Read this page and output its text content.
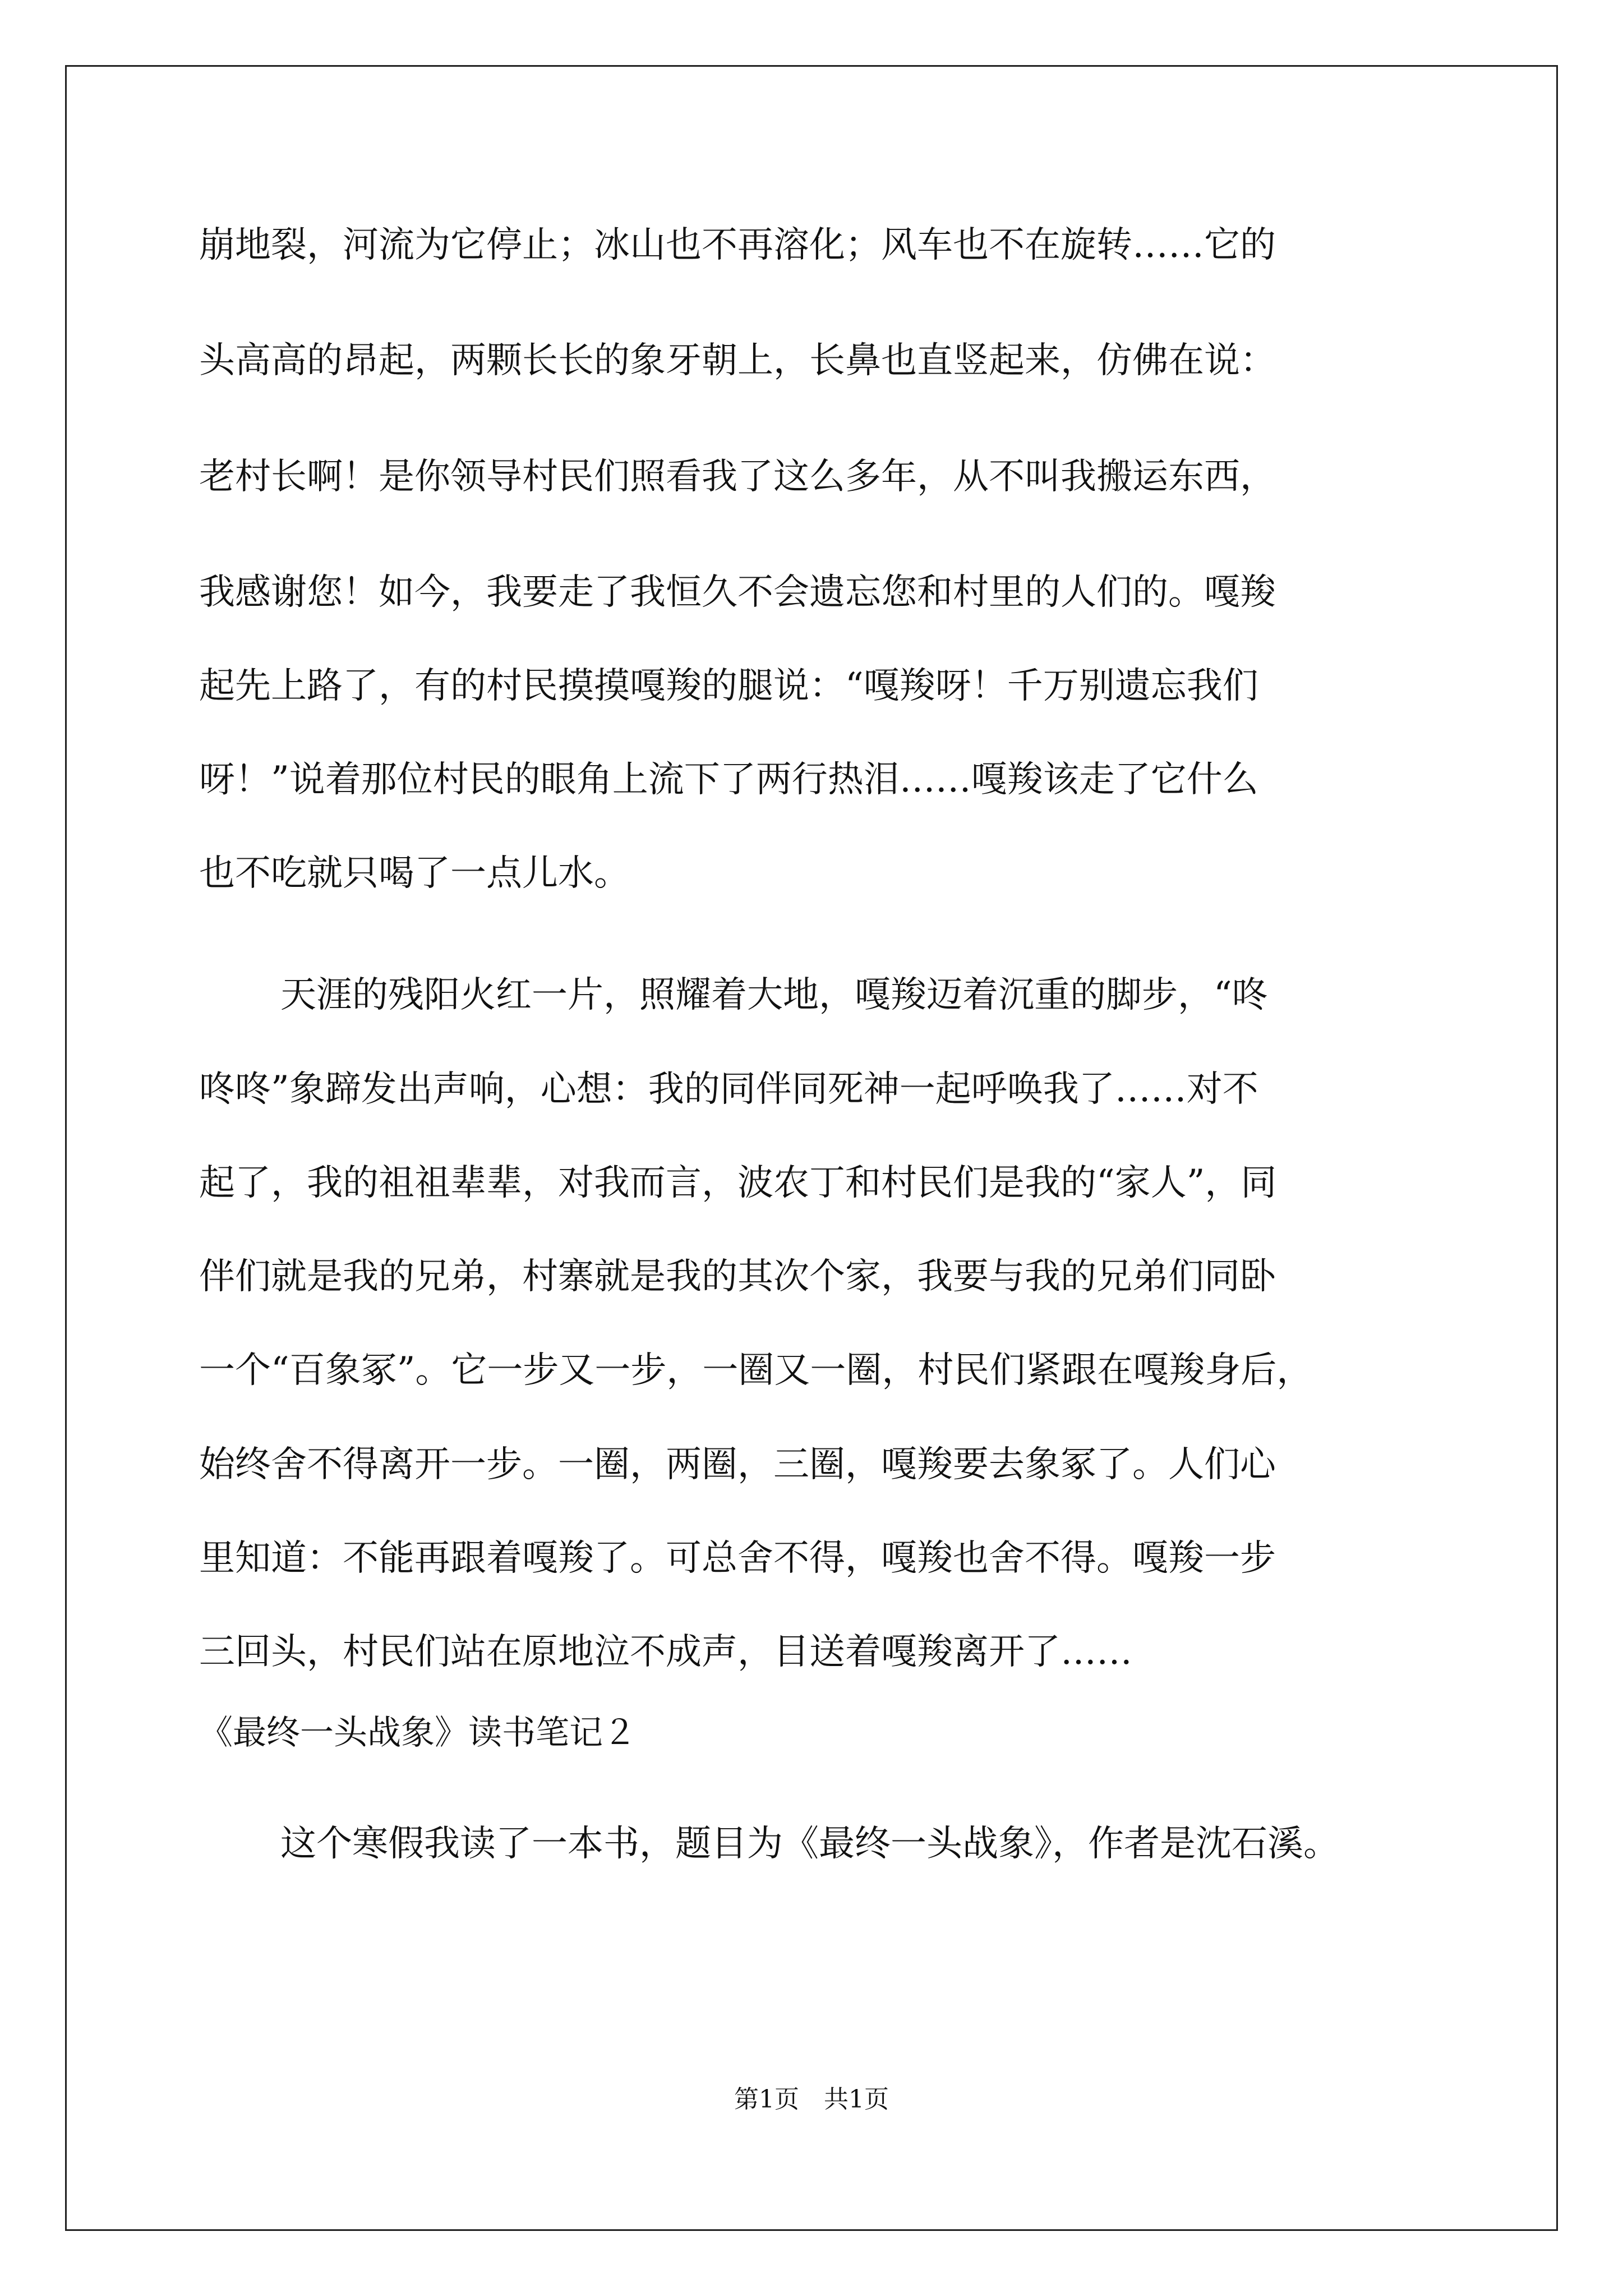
崩地裂，河流为它停止；冰山也不再溶化；风车也不在旋转……它的
头高高的昂起，两颗长长的象牙朝上，长鼻也直竖起来，仿佛在说：
老村长啊！是你领导村民们照看我了这么多年，从不叫我搬运东西，
我感谢您！如今，我要走了我恒久不会遗忘您和村里的人们的。嘎羧
起先上路了，有的村民摸摸嘎羧的腿说：“嘎羧呀！千万别遗忘我们
呀！”说着那位村民的眼角上流下了两行热泪……嘎羧该走了它什么
也不吃就只喝了一点儿水。
天涯的残阳火红一片，照耀着大地，嘎羧迈着沉重的脚步，“咚
咚咚”象蹄发出声响，心想：我的同伴同死神一起呼唤我了……对不
起了，我的祖祖辈辈，对我而言，波农丁和村民们是我的“家人”，同
伴们就是我的兄弟，村寨就是我的其次个家，我要与我的兄弟们同卧
一个“百象冢”。它一步又一步，一圈又一圈，村民们紧跟在嘎羧身后，
始终舍不得离开一步。一圈，两圈，三圈，嘎羧要去象冢了。人们心
里知道：不能再跟着嘎羧了。可总舍不得，嘎羧也舍不得。嘎羧一步
三回头，村民们站在原地泣不成声，目送着嘎羧离开了……
《最终一头战象》读书笔记２
这个寒假我读了一本书，题目为《最终一头战象》，作者是沈石溪。
第1页　共1页
